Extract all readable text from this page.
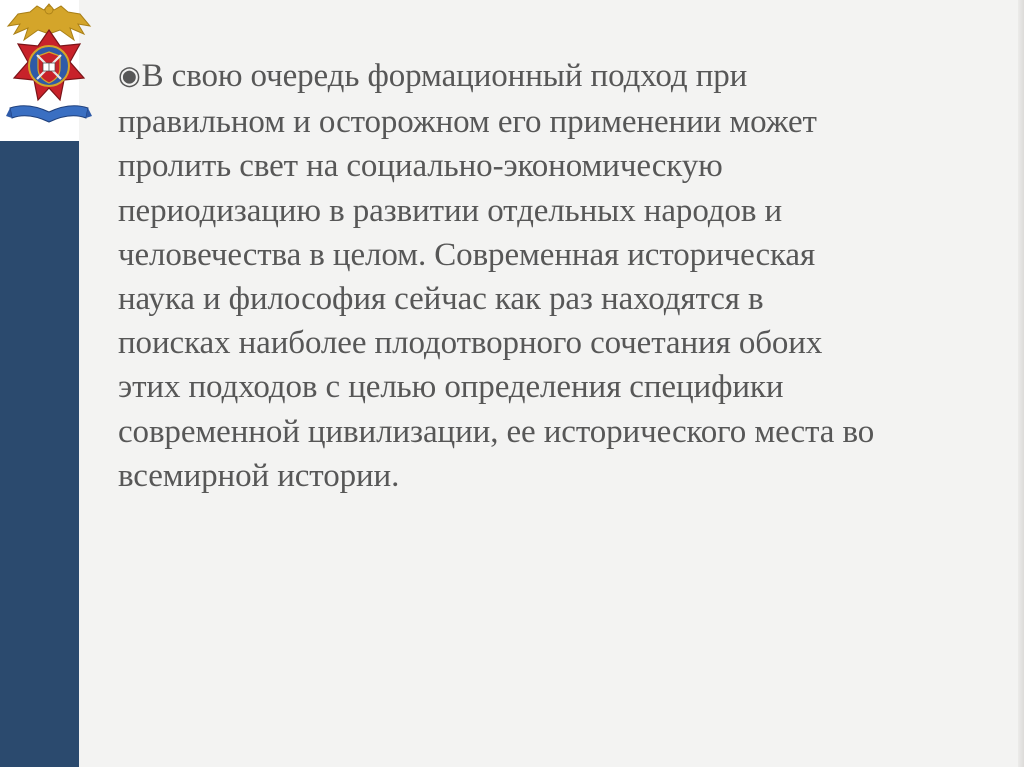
◉В свою очередь формационный подход при
правильном и осторожном его применении может
пролить свет на социально-экономическую
периодизацию в развитии отдельных народов и
человечества в целом. Современная историческая
наука и философия сейчас как раз находятся в
поисках наиболее плодотворного сочетания обоих
этих подходов с целью определения специфики
современной цивилизации, ее исторического места во
всемирной истории.
